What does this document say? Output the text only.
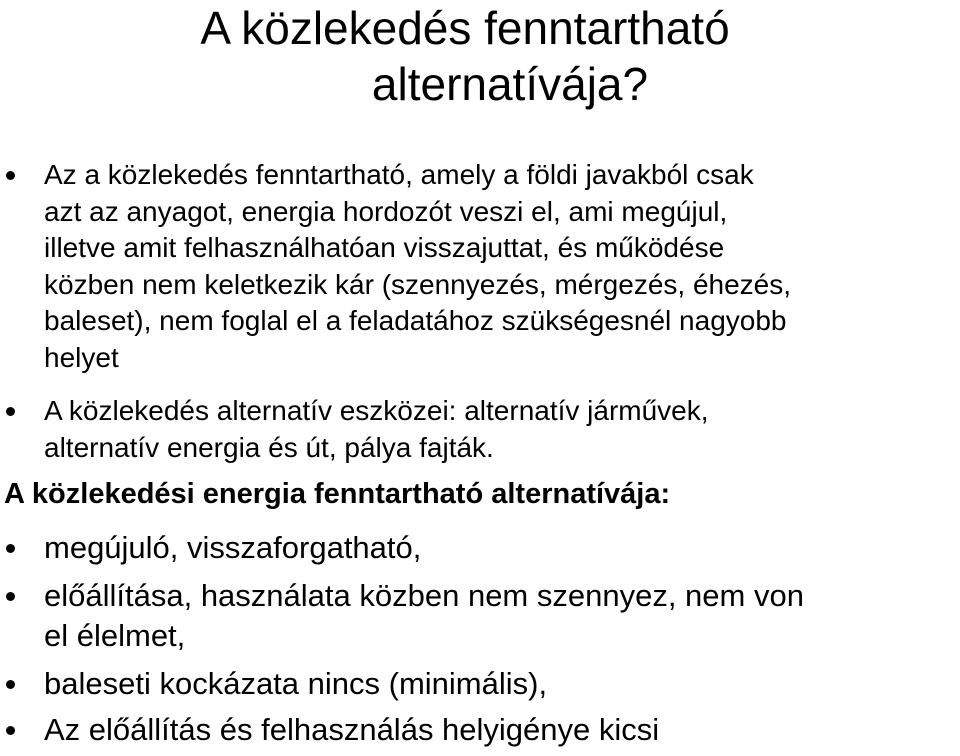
A közlekedés fenntartható
alternatívája?
Az a közlekedés fenntartható, amely a földi javakból csak
azt az anyagot, energia hordozót veszi el, ami megújul,
illetve amit felhasználhatóan visszajuttat, és működése
közben nem keletkezik kár (szennyezés, mérgezés, éhezés,
baleset), nem foglal el a feladatához szükségesnél nagyobb
helyet
A közlekedés alternatív eszközei: alternatív járművek,
alternatív energia és út, pálya fajták.
A közlekedési energia fenntartható alternatívája:
megújuló, visszaforgatható,
előállítása, használata közben nem szennyez, nem von
el élelmet,
baleseti kockázata nincs (minimális),
Az előállítás és felhasználás helyigénye kicsi
